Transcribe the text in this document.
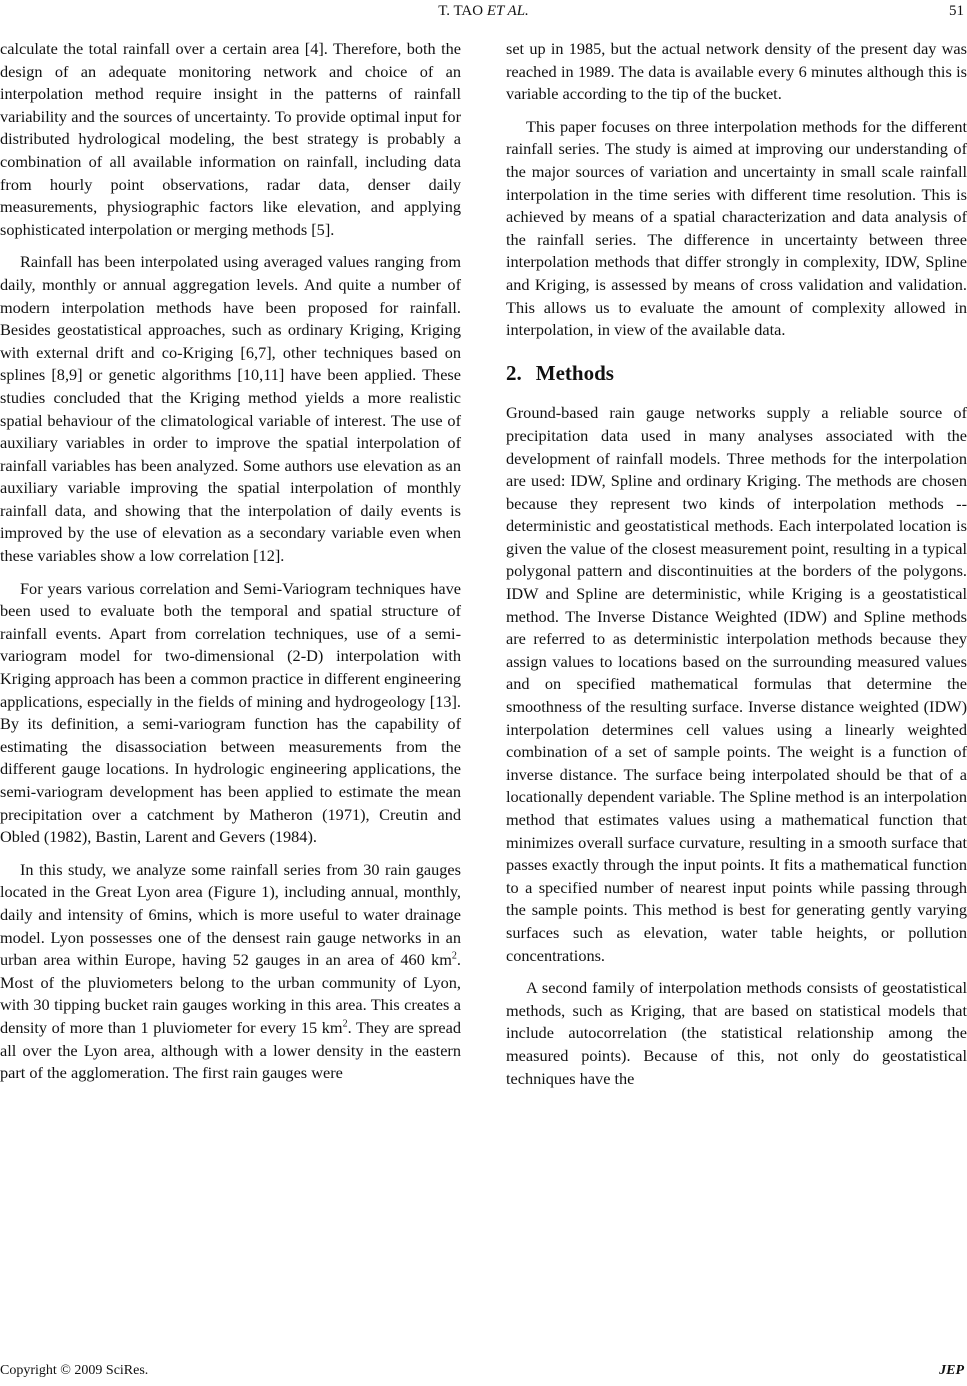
T. TAO ET AL.	51

calculate the total rainfall over a certain area [4]. Therefore, both the design of an adequate monitoring network and choice of an interpolation method require insight in the patterns of rainfall variability and the sources of uncertainty. To provide optimal input for distributed hydrological modeling, the best strategy is probably a combination of all available information on rainfall, including data from hourly point observations, radar data, denser daily measurements, physiographic factors like elevation, and applying sophisticated interpolation or merging methods [5].

Rainfall has been interpolated using averaged values ranging from daily, monthly or annual aggregation levels. And quite a number of modern interpolation methods have been proposed for rainfall. Besides geostatistical approaches, such as ordinary Kriging, Kriging with external drift and co-Kriging [6,7], other techniques based on splines [8,9] or genetic algorithms [10,11] have been applied. These studies concluded that the Kriging method yields a more realistic spatial behaviour of the climatological variable of interest. The use of auxiliary variables in order to improve the spatial interpolation of rainfall variables has been analyzed. Some authors use elevation as an auxiliary variable improving the spatial interpolation of monthly rainfall data, and showing that the interpolation of daily events is improved by the use of elevation as a secondary variable even when these variables show a low correlation [12].

For years various correlation and Semi-Variogram techniques have been used to evaluate both the temporal and spatial structure of rainfall events. Apart from correlation techniques, use of a semi-variogram model for two-dimensional (2-D) interpolation with Kriging approach has been a common practice in different engineering applications, especially in the fields of mining and hydrogeology [13]. By its definition, a semi-variogram function has the capability of estimating the disassociation between measurements from the different gauge locations. In hydrologic engineering applications, the semi-variogram development has been applied to estimate the mean precipitation over a catchment by Matheron (1971), Creutin and Obled (1982), Bastin, Larent and Gevers (1984).

In this study, we analyze some rainfall series from 30 rain gauges located in the Great Lyon area (Figure 1), including annual, monthly, daily and intensity of 6mins, which is more useful to water drainage model. Lyon possesses one of the densest rain gauge networks in an urban area within Europe, having 52 gauges in an area of 460 $km^2$. Most of the pluviometers belong to the urban community of Lyon, with 30 tipping bucket rain gauges working in this area. This creates a density of more than 1 pluviometer for every 15 $km^2$. They are spread all over the Lyon area, although with a lower density in the eastern part of the agglomeration. The first rain gauges were

set up in 1985, but the actual network density of the present day was reached in 1989. The data is available every 6 minutes although this is variable according to the tip of the bucket.

This paper focuses on three interpolation methods for the different rainfall series. The study is aimed at improving our understanding of the major sources of variation and uncertainty in small scale rainfall interpolation in the time series with different time resolution. This is achieved by means of a spatial characterization and data analysis of the rainfall series. The difference in uncertainty between three interpolation methods that differ strongly in complexity, IDW, Spline and Kriging, is assessed by means of cross validation and validation. This allows us to evaluate the amount of complexity allowed in interpolation, in view of the available data.

2. Methods

Ground-based rain gauge networks supply a reliable source of precipitation data used in many analyses associated with the development of rainfall models. Three methods for the interpolation are used: IDW, Spline and ordinary Kriging. The methods are chosen because they represent two kinds of interpolation methods -- deterministic and geostatistical methods. Each interpolated location is given the value of the closest measurement point, resulting in a typical polygonal pattern and discontinuities at the borders of the polygons. IDW and Spline are deterministic, while Kriging is a geostatistical method. The Inverse Distance Weighted (IDW) and Spline methods are referred to as deterministic interpolation methods because they assign values to locations based on the surrounding measured values and on specified mathematical formulas that determine the smoothness of the resulting surface. Inverse distance weighted (IDW) interpolation determines cell values using a linearly weighted combination of a set of sample points. The weight is a function of inverse distance. The surface being interpolated should be that of a locationally dependent variable. The Spline method is an interpolation method that estimates values using a mathematical function that minimizes overall surface curvature, resulting in a smooth surface that passes exactly through the input points. It fits a mathematical function to a specified number of nearest input points while passing through the sample points. This method is best for generating gently varying surfaces such as elevation, water table heights, or pollution concentrations.

A second family of interpolation methods consists of geostatistical methods, such as Kriging, that are based on statistical models that include autocorrelation (the statistical relationship among the measured points). Because of this, not only do geostatistical techniques have the

Copyright © 2009 SciRes.	JEP
